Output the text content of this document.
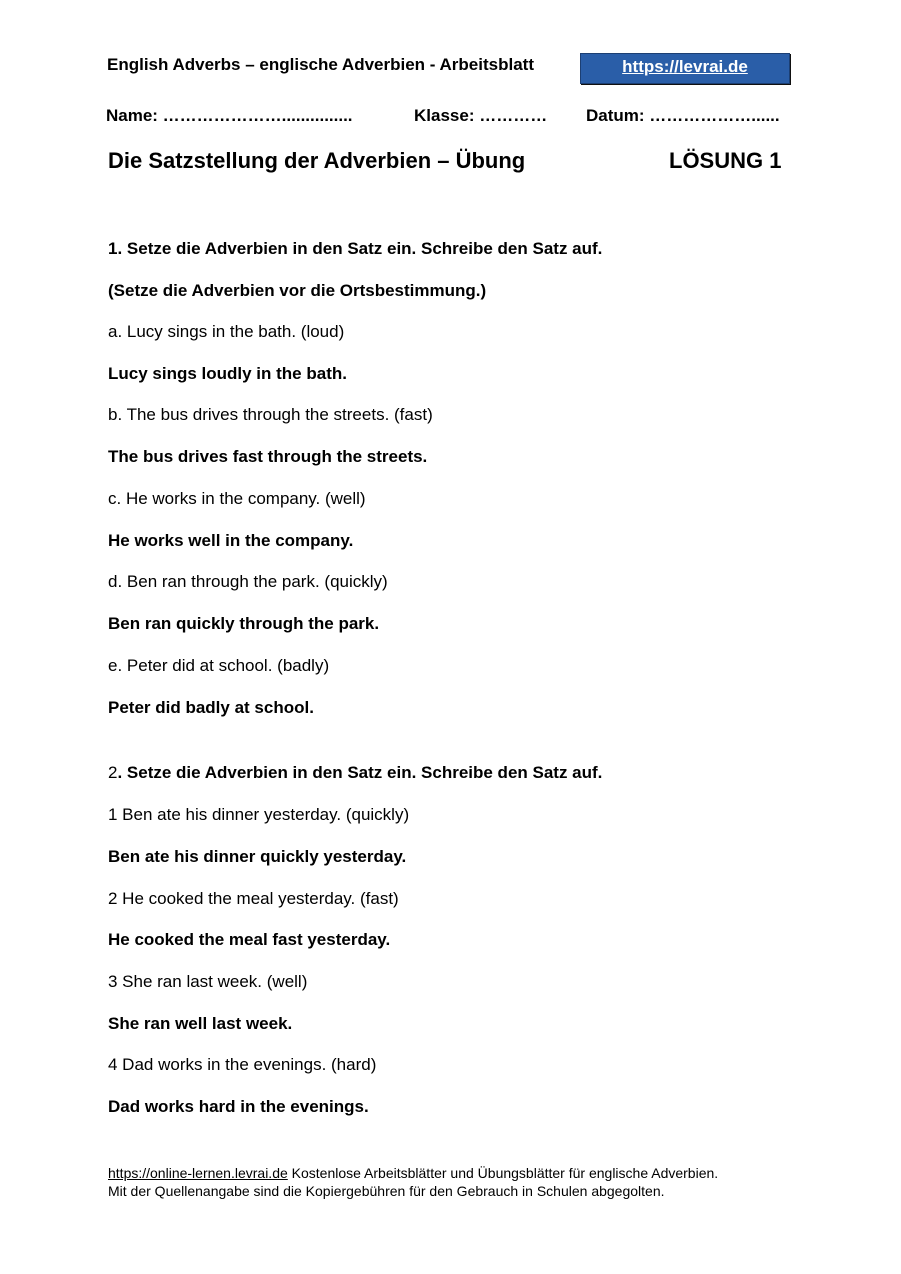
English Adverbs – englische Adverbien - Arbeitsblatt	https://levrai.de
Name: …………………...............	Klasse: ………… Datum: ………………......
Die Satzstellung der Adverbien – Übung	LÖSUNG 1
1. Setze die Adverbien in den Satz ein. Schreibe den Satz auf.
(Setze die Adverbien vor die Ortsbestimmung.)
a. Lucy sings in the bath. (loud)
Lucy sings loudly in the bath.
b. The bus drives through the streets. (fast)
The bus drives fast through the streets.
c. He works in the company. (well)
He works well in the company.
d. Ben ran through the park. (quickly)
Ben ran quickly through the park.
e. Peter did at school. (badly)
Peter did badly at school.
2. Setze die Adverbien in den Satz ein. Schreibe den Satz auf.
1 Ben ate his dinner yesterday. (quickly)
Ben ate his dinner quickly yesterday.
2 He cooked the meal yesterday. (fast)
He cooked the meal fast yesterday.
3 She ran last week. (well)
She ran well last week.
4 Dad works in the evenings. (hard)
Dad works hard in the evenings.
https://online-lernen.levrai.de Kostenlose Arbeitsblätter und Übungsblätter für englische Adverbien.
Mit der Quellenangabe sind die Kopiergebühren für den Gebrauch in Schulen abgegolten.
